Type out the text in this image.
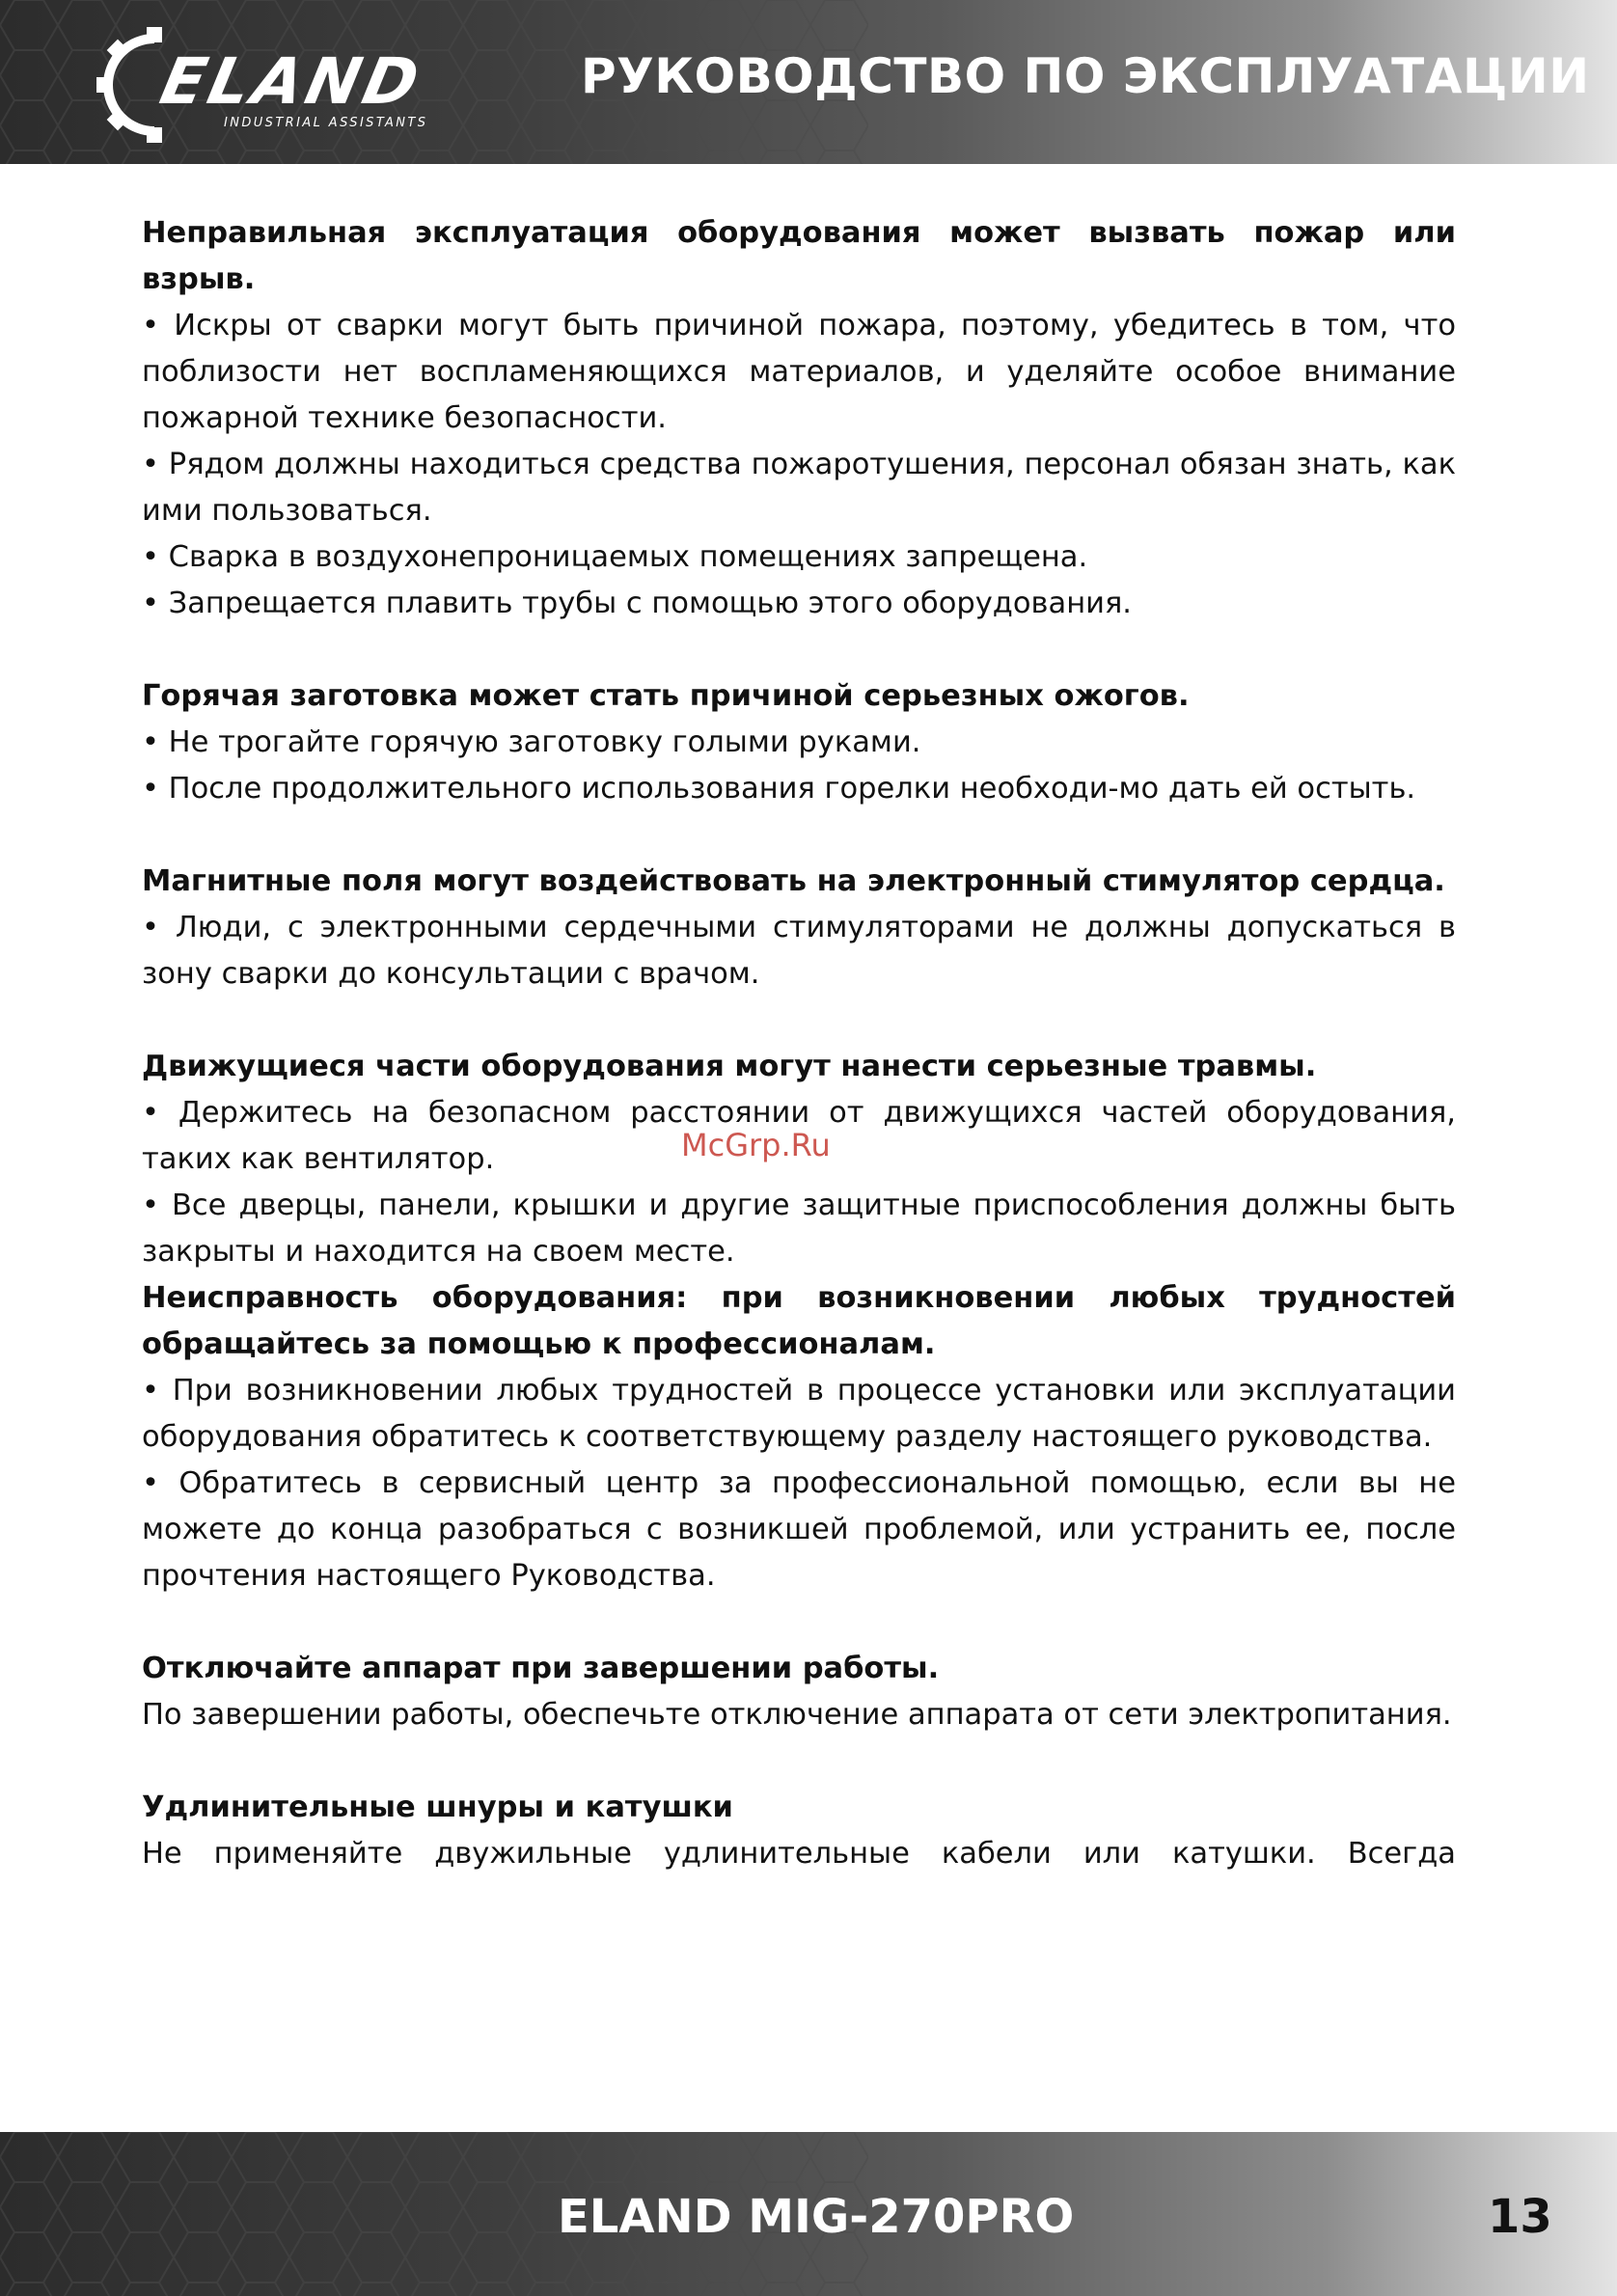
ELAND
INDUSTRIAL ASSISTANTS
РУКОВОДСТВО ПО ЭКСПЛУАТАЦИИ

Неправильная эксплуатация оборудования может вызвать пожар или взрыв.

• Искры от сварки могут быть причиной пожара, поэтому, убедитесь в том, что поблизости нет воспламеняющихся материалов, и уделяйте особое внимание пожарной технике безопасности.

• Рядом должны находиться средства пожаротушения, персонал обязан знать, как ими пользоваться.

• Сварка в воздухонепроницаемых помещениях запрещена.

• Запрещается плавить трубы с помощью этого оборудования.

Горячая заготовка может стать причиной серьезных ожогов.

• Не трогайте горячую заготовку голыми руками.

• После продолжительного использования горелки необходи-мо дать ей остыть.

Магнитные поля могут воздействовать на электронный стимулятор сердца.

• Люди, с электронными сердечными стимуляторами не должны допускаться в зону сварки до консультации с врачом.

Движущиеся части оборудования могут нанести серьезные травмы.

• Держитесь на безопасном расстоянии от движущихся частей оборудования, таких как вентилятор.

• Все дверцы, панели, крышки и другие защитные приспособления должны быть закрыты и находится на своем месте.

Неисправность оборудования: при возникновении любых трудностей обращайтесь за помощью к профессионалам.

• При возникновении любых трудностей в процессе установки или эксплуатации оборудования обратитесь к соответствующему разделу настоящего руководства.

• Обратитесь в сервисный центр за профессиональной помощью, если вы не можете до конца разобраться с возникшей проблемой, или устранить ее, после прочтения настоящего Руководства.

Отключайте аппарат при завершении работы.

По завершении работы, обеспечьте отключение аппарата от сети электропитания.

Удлинительные шнуры и катушки

Не применяйте двужильные удлинительные кабели или катушки. Всегда

McGrp.Ru
ELAND MIG-270PRO	13
